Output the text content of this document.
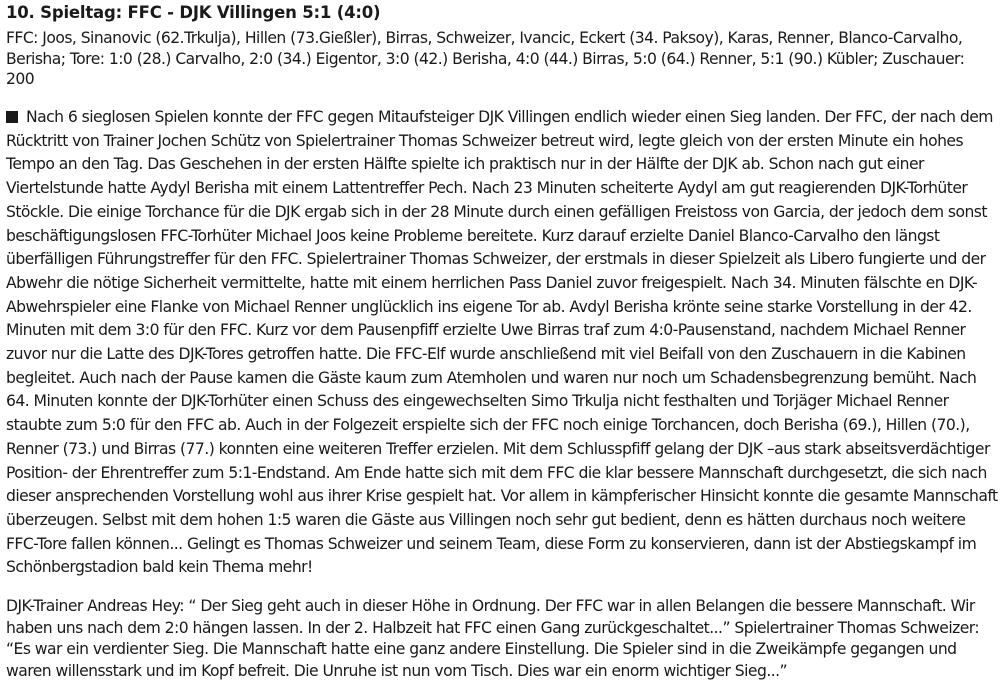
10. Spieltag: FFC - DJK Villingen 5:1 (4:0)
FFC: Joos, Sinanovic (62.Trkulja), Hillen (73.Gießler), Birras, Schweizer, Ivancic, Eckert (34. Paksoy), Karas, Renner, Blanco-Carvalho, Berisha; Tore: 1:0 (28.) Carvalho, 2:0 (34.) Eigentor, 3:0 (42.) Berisha, 4:0 (44.) Birras, 5:0 (64.) Renner, 5:1 (90.) Kübler; Zuschauer: 200
Nach 6 sieglosen Spielen konnte der FFC gegen Mitaufsteiger DJK Villingen endlich wieder einen Sieg landen. Der FFC, der nach dem Rücktritt von Trainer Jochen Schütz von Spielertrainer Thomas Schweizer betreut wird, legte gleich von der ersten Minute ein hohes Tempo an den Tag. Das Geschehen in der ersten Hälfte spielte ich praktisch nur in der Hälfte der DJK ab. Schon nach gut einer Viertelstunde hatte Aydyl Berisha mit einem Lattentreffer Pech. Nach 23 Minuten scheiterte Aydyl am gut reagierenden DJK-Torhüter Stöckle. Die einige Torchance für die DJK ergab sich in der 28 Minute durch einen gefälligen Freistoss von Garcia, der jedoch dem sonst beschäftigungslosen FFC-Torhüter Michael Joos keine Probleme bereitete. Kurz darauf erzielte Daniel Blanco-Carvalho den längst überfälligen Führungstreffer für den FFC. Spielertrainer Thomas Schweizer, der erstmals in dieser Spielzeit als Libero fungierte und der Abwehr die nötige Sicherheit vermittelte, hatte mit einem herrlichen Pass Daniel zuvor freigespielt. Nach 34. Minuten fälschte en DJK-Abwehrspieler eine Flanke von Michael Renner unglücklich ins eigene Tor ab. Avdyl Berisha krönte seine starke Vorstellung in der 42. Minuten mit dem 3:0 für den FFC. Kurz vor dem Pausenpfiff erzielte Uwe Birras traf zum 4:0-Pausenstand, nachdem Michael Renner zuvor nur die Latte des DJK-Tores getroffen hatte. Die FFC-Elf wurde anschließend mit viel Beifall von den Zuschauern in die Kabinen begleitet. Auch nach der Pause kamen die Gäste kaum zum Atemholen und waren nur noch um Schadensbegrenzung bemüht. Nach 64. Minuten konnte der DJK-Torhüter einen Schuss des eingewechselten Simo Trkulja nicht festhalten und Torjäger Michael Renner staubte zum 5:0 für den FFC ab. Auch in der Folgezeit erspielte sich der FFC noch einige Torchancen, doch Berisha (69.), Hillen (70.), Renner (73.) und Birras (77.) konnten eine weiteren Treffer erzielen. Mit dem Schlusspfiff gelang der DJK –aus stark abseitsverdächtiger Position- der Ehrentreffer zum 5:1-Endstand. Am Ende hatte sich mit dem FFC die klar bessere Mannschaft durchgesetzt, die sich nach dieser ansprechenden Vorstellung wohl aus ihrer Krise gespielt hat. Vor allem in kämpferischer Hinsicht konnte die gesamte Mannschaft überzeugen. Selbst mit dem hohen 1:5 waren die Gäste aus Villingen noch sehr gut bedient, denn es hätten durchaus noch weitere FFC-Tore fallen können... Gelingt es Thomas Schweizer und seinem Team, diese Form zu konservieren, dann ist der Abstiegskampf im Schönbergstadion bald kein Thema mehr!
DJK-Trainer Andreas Hey: “ Der Sieg geht auch in dieser Höhe in Ordnung. Der FFC war in allen Belangen die bessere Mannschaft. Wir haben uns nach dem 2:0 hängen lassen. In der 2. Halbzeit hat FFC einen Gang zurückgeschaltet...” Spielertrainer Thomas Schweizer: “Es war ein verdienter Sieg. Die Mannschaft hatte eine ganz andere Einstellung. Die Spieler sind in die Zweikämpfe gegangen und waren willensstark und im Kopf befreit. Die Unruhe ist nun vom Tisch. Dies war ein enorm wichtiger Sieg...”
